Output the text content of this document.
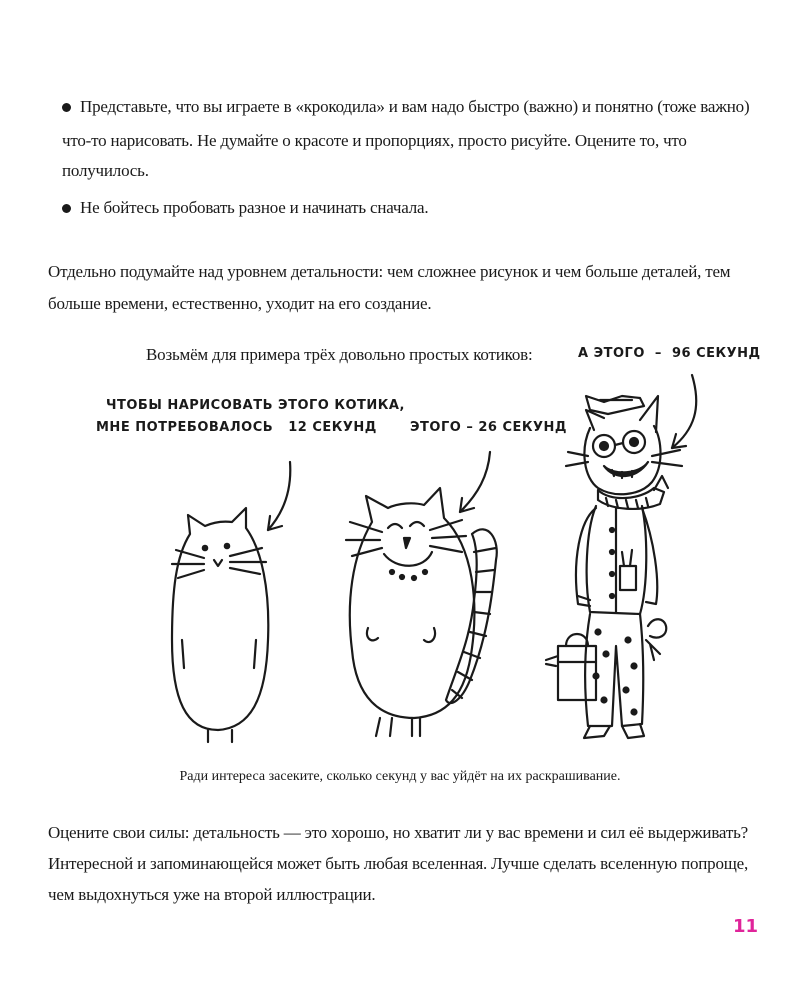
Представьте, что вы играете в «крокодила» и вам надо быстро (важно) и понятно (тоже важно)
что-то нарисовать. Не думайте о красоте и пропорциях, просто рисуйте. Оцените то, что получилось.
Не бойтесь пробовать разное и начинать сначала.
Отдельно подумайте над уровнем детальности: чем сложнее рисунок и чем больше деталей, тем
больше времени, естественно, уходит на его создание.
Возьмём для примера трёх довольно простых котиков:
ЧТОБЫ НАРИСОВАТЬ ЭТОГО КОТИКА,
МНЕ ПОТРЕБОВАЛОСЬ   12 СЕКУНД	ЭТОГО – 26 СЕКУНД
А ЭТОГО  –  96 СЕКУНД
Ради интереса засеките, сколько секунд у вас уйдёт на их раскрашивание.
Оцените свои силы: детальность — это хорошо, но хватит ли у вас времени и сил её выдерживать?
Интересной и запоминающейся может быть любая вселенная. Лучше сделать вселенную попроще,
чем выдохнуться уже на второй иллюстрации.
11
